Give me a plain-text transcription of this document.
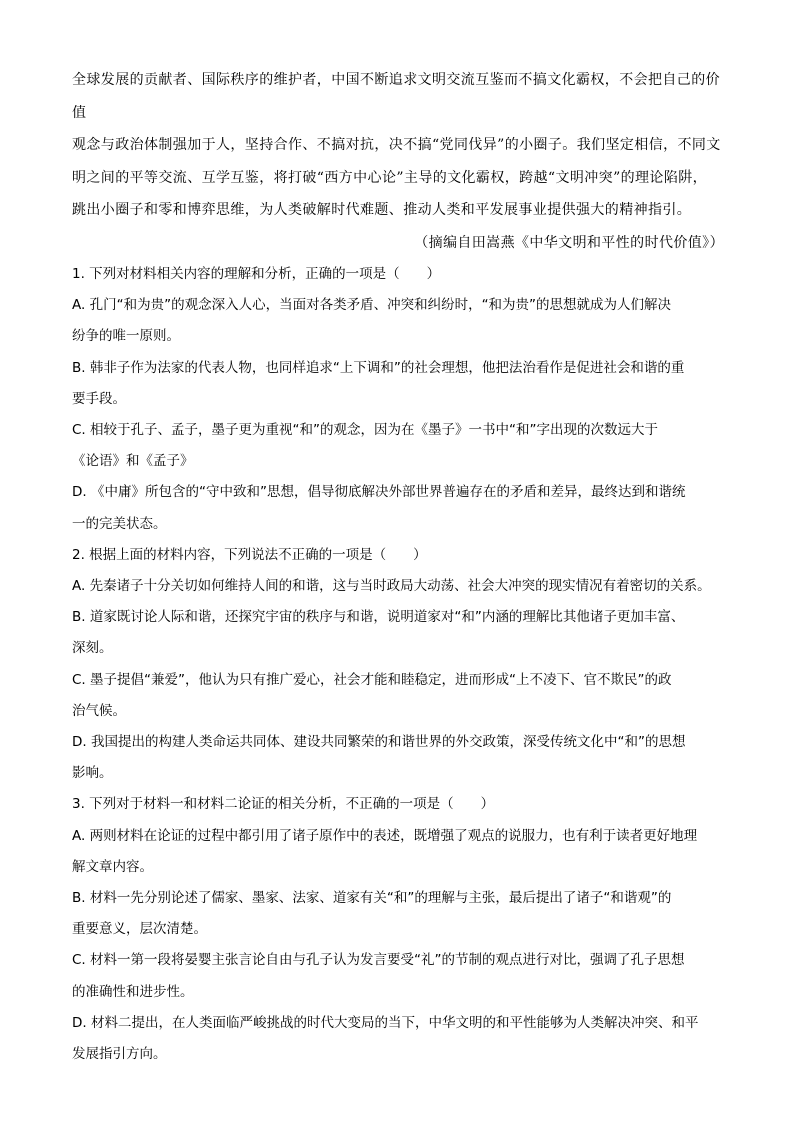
全球发展的贡献者、国际秩序的维护者，中国不断追求文明交流互鉴而不搞文化霸权，不会把自己的价值

观念与政治体制强加于人，坚持合作、不搞对抗，决不搞“党同伐异”的小圈子。我们坚定相信，不同文

明之间的平等交流、互学互鉴，将打破“西方中心论”主导的文化霸权，跨越“文明冲突”的理论陷阱，

跳出小圈子和零和博弈思维，为人类破解时代难题、推动人类和平发展事业提供强大的精神指引。

（摘编自田嵩燕《中华文明和平性的时代价值》）

1. 下列对材料相关内容的理解和分析，正确的一项是（　　）

A. 孔门“和为贵”的观念深入人心，当面对各类矛盾、冲突和纠纷时，“和为贵”的思想就成为人们解决

纷争的唯一原则。

B. 韩非子作为法家的代表人物，也同样追求“上下调和”的社会理想，他把法治看作是促进社会和谐的重

要手段。

C. 相较于孔子、孟子，墨子更为重视“和”的观念，因为在《墨子》一书中“和”字出现的次数远大于

《论语》和《孟子》

D. 《中庸》所包含的“守中致和”思想，倡导彻底解决外部世界普遍存在的矛盾和差异，最终达到和谐统

一的完美状态。

2. 根据上面的材料内容，下列说法不正确的一项是（　　）

A. 先秦诸子十分关切如何维持人间的和谐，这与当时政局大动荡、社会大冲突的现实情况有着密切的关系。

B. 道家既讨论人际和谐，还探究宇宙的秩序与和谐，说明道家对“和”内涵的理解比其他诸子更加丰富、

深刻。

C. 墨子提倡“兼爱”，他认为只有推广爱心，社会才能和睦稳定，进而形成“上不凌下、官不欺民”的政

治气候。

D. 我国提出的构建人类命运共同体、建设共同繁荣的和谐世界的外交政策，深受传统文化中“和”的思想

影响。

3. 下列对于材料一和材料二论证的相关分析，不正确的一项是（　　）

A. 两则材料在论证的过程中都引用了诸子原作中的表述，既增强了观点的说服力，也有利于读者更好地理

解文章内容。

B. 材料一先分别论述了儒家、墨家、法家、道家有关“和”的理解与主张，最后提出了诸子“和谐观”的

重要意义，层次清楚。

C. 材料一第一段将晏婴主张言论自由与孔子认为发言要受“礼”的节制的观点进行对比，强调了孔子思想

的准确性和进步性。

D. 材料二提出，在人类面临严峻挑战的时代大变局的当下，中华文明的和平性能够为人类解决冲突、和平

发展指引方向。
